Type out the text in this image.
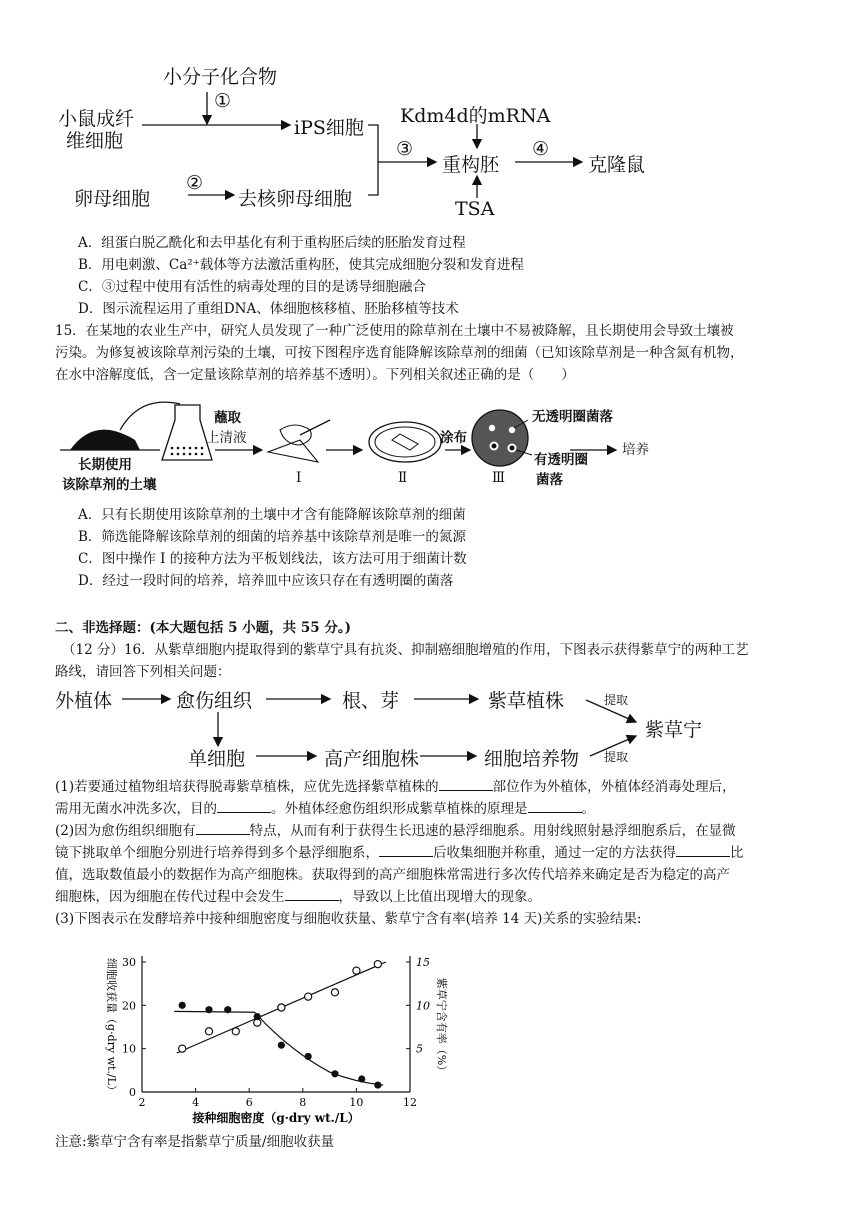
小分子化合物
小鼠成纤
维细胞
①
iPS细胞
卵母细胞
②
去核卵母细胞
Kdm4d的mRNA
③
重构胚
④
克隆鼠
TSA
A．组蛋白脱乙酰化和去甲基化有利于重构胚后续的胚胎发育过程
B．用电刺激、Ca²⁺载体等方法激活重构胚，使其完成细胞分裂和发育进程
C．③过程中使用有活性的病毒处理的目的是诱导细胞融合
D．图示流程运用了重组DNA、体细胞核移植、胚胎移植等技术
15．在某地的农业生产中，研究人员发现了一种广泛使用的除草剂在土壤中不易被降解，且长期使用会导致土壤被
污染。为修复被该除草剂污染的土壤，可按下图程序选育能降解该除草剂的细菌（已知该除草剂是一种含氮有机物，
在水中溶解度低，含一定量该除草剂的培养基不透明）。下列相关叙述正确的是（　　）
长期使用
该除草剂的土壤
蘸取
上清液
I	Ⅱ
涂布
Ⅲ
无透明圈菌落
有透明圈
菌落
培养
A．只有长期使用该除草剂的土壤中才含有能降解该除草剂的细菌
B．筛选能降解该除草剂的细菌的培养基中该除草剂是唯一的氮源
C．图中操作 I 的接种方法为平板划线法，该方法可用于细菌计数
D．经过一段时间的培养，培养皿中应该只存在有透明圈的菌落
二、非选择题：(本大题包括 5 小题，共 55 分。)
（12 分）16．从紫草细胞内提取得到的紫草宁具有抗炎、抑制癌细胞增殖的作用，下图表示获得紫草宁的两种工艺
路线，请回答下列相关问题：
外植体	愈伤组织	根、芽	紫草植株	提取
紫草宁
单细胞	高产细胞株	细胞培养物 提取
(1)若要通过植物组培获得脱毒紫草植株，应优先选择紫草植株的	部位作为外植体，外植体经消毒处理后，
需用无菌水冲洗多次，目的	。外植体经愈伤组织形成紫草植株的原理是	。
(2)因为愈伤组织细胞有	特点，从而有利于获得生长迅速的悬浮细胞系。用射线照射悬浮细胞系后，在显微
镜下挑取单个细胞分别进行培养得到多个悬浮细胞系，	后收集细胞并称重，通过一定的方法获得	比
值，选取数值最小的数据作为高产细胞株。获取得到的高产细胞株常需进行多次传代培养来确定是否为稳定的高产
细胞株，因为细胞在传代过程中会发生	，导致以上比值出现增大的现象。
(3)下图表示在发酵培养中接种细胞密度与细胞收获量、紫草宁含有率(培养 14 天)关系的实验结果:
2	4	6	8	10	12
0
10
20
30
5
10
15
接种细胞密度（g·dry wt./L）
细胞收获量（g·dry wt./L）	紫草宁含有率（%）
注意:紫草宁含有率是指紫草宁质量/细胞收获量
